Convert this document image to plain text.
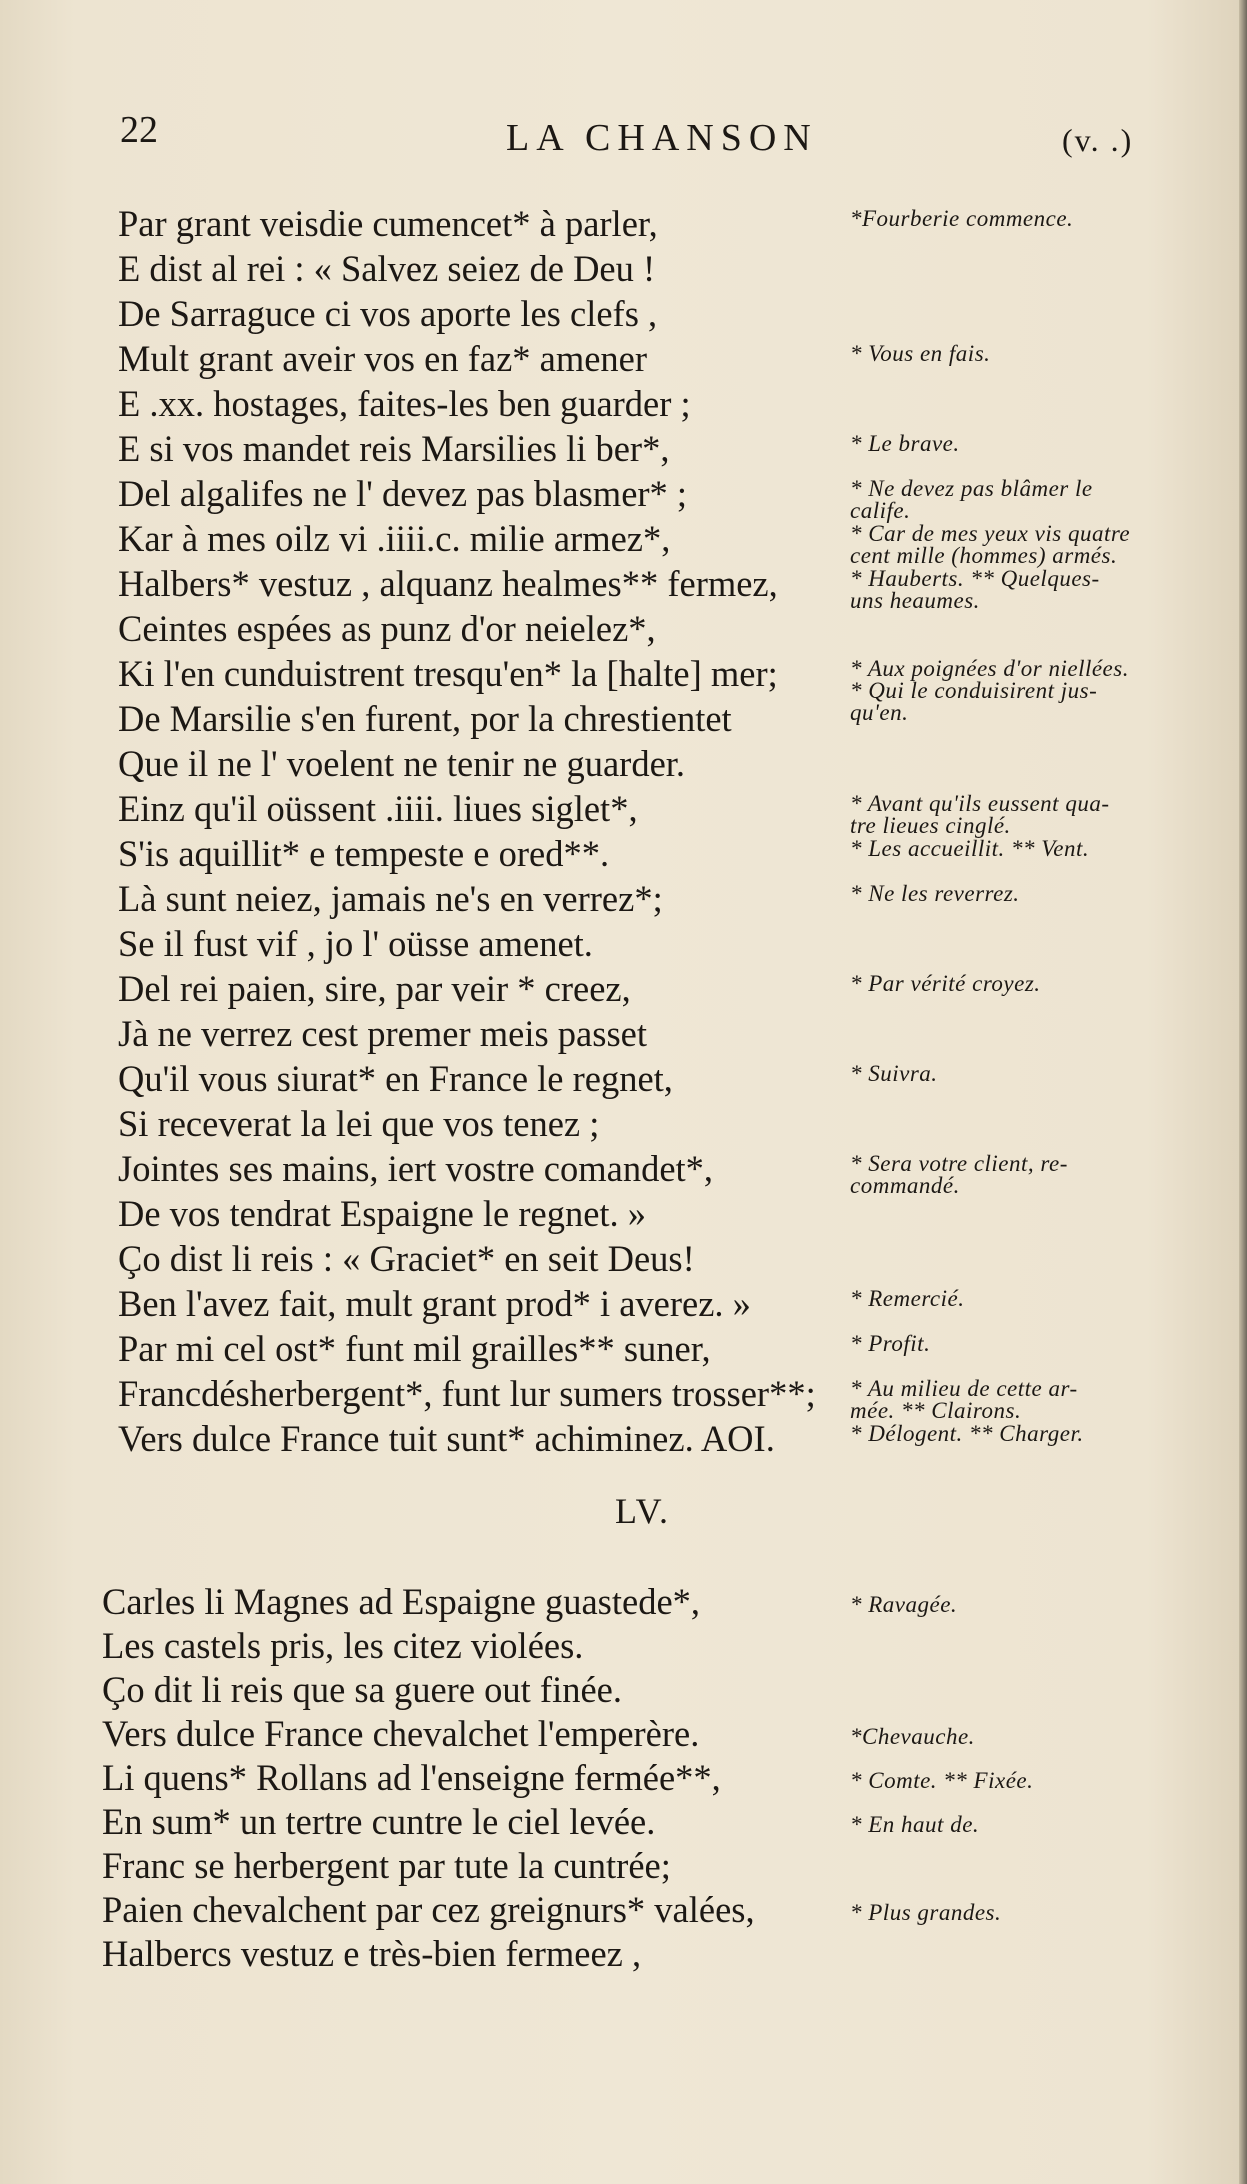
22	LA CHANSON	(v. .)
Par grant veisdie cumencet* à parler,	*Fourberie commence.
E dist al rei : « Salvez seiez de Deu !
De Sarraguce ci vos aporte les clefs ,
Mult grant aveir vos en faz* amener	* Vous en fais.
E .xx. hostages, faites-les ben guarder ;
E si vos mandet reis Marsilies li ber*,	* Le brave.
Del algalifes ne l' devez pas blasmer* ;	* Ne devez pas blâmer le
calife.
Kar à mes oilz vi .iiii.c. milie armez*,	* Car de mes yeux vis quatre
cent mille (hommes) armés.
Halbers* vestuz , alquanz healmes** fermez,	* Hauberts. ** Quelques-
uns heaumes.
Ceintes espées as punz d'or neielez*,
Ki l'en cunduistrent tresqu'en* la [halte] mer;	* Aux poignées d'or niellées.
* Qui le conduisirent jus-
qu'en.
De Marsilie s'en furent, por la chrestientet
Que il ne l' voelent ne tenir ne guarder.
Einz qu'il oüssent .iiii. liues siglet*,	* Avant qu'ils eussent qua-
tre lieues cinglé.
S'is aquillit* e tempeste e ored**.	* Les accueillit. ** Vent.
Là sunt neiez, jamais ne's en verrez*;	* Ne les reverrez.
Se il fust vif , jo l' oüsse amenet.
Del rei paien, sire, par veir * creez,	* Par vérité croyez.
Jà ne verrez cest premer meis passet
Qu'il vous siurat* en France le regnet,	* Suivra.
Si receverat la lei que vos tenez ;
Jointes ses mains, iert vostre comandet*,	* Sera votre client, re-
commandé.
De vos tendrat Espaigne le regnet. »
Ço dist li reis : « Graciet* en seit Deus!
Ben l'avez fait, mult grant prod* i averez. »	* Remercié.
Par mi cel ost* funt mil grailles** suner,	* Profit.
Francdésherbergent*, funt lur sumers trosser**; * Au milieu de cette ar-
mée. ** Clairons.
Vers dulce France tuit sunt* achiminez. AOI.	* Délogent. ** Charger.
LV.
Carles li Magnes ad Espaigne guastede*,	* Ravagée.
Les castels pris, les citez violées.
Ço dit li reis que sa guere out finée.
Vers dulce France chevalchet l'emperère.	*Chevauche.
Li quens* Rollans ad l'enseigne fermée**,	* Comte. ** Fixée.
En sum* un tertre cuntre le ciel levée.	* En haut de.
Franc se herbergent par tute la cuntrée;
Paien chevalchent par cez greignurs* valées,	* Plus grandes.
Halbercs vestuz e très-bien fermeez ,
